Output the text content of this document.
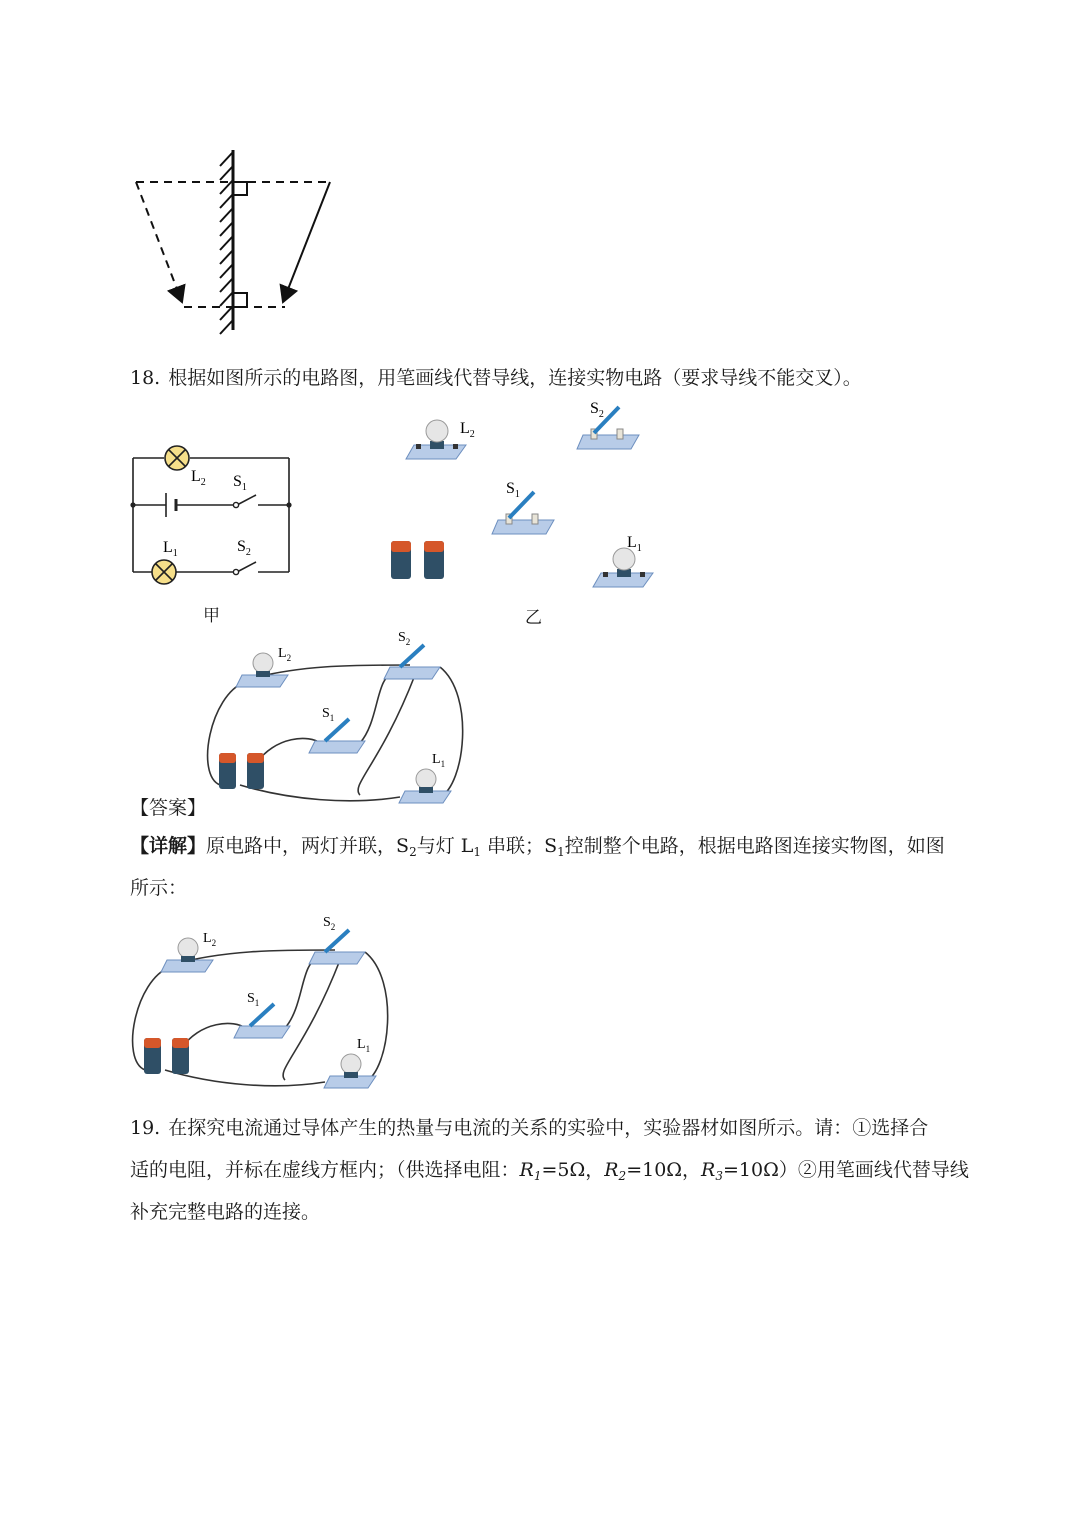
18. 根据如图所示的电路图，用笔画线代替导线，连接实物电路（要求导线不能交叉）。
$L_2$ $S_1$
$L_1$	$S_2$
甲
$L_2$
$S_2$
$S_1$
$L_1$
乙
$L_2$
$S_2$
$S_1$
$L_1$
【答案】
【详解】原电路中，两灯并联，$S_2$与灯 $L_1$ 串联；$S_1$控制整个电路，根据电路图连接实物图，如图
所示：
$L_2$
$S_2$
$S_1$
$L_1$
19. 在探究电流通过导体产生的热量与电流的关系的实验中，实验器材如图所示。请：①选择合
适的电阻，并标在虚线方框内；（供选择电阻：$R_1=5\Omega$，$R_2=10\Omega$，$R_3=10\Omega)②$用笔画线代替导线
补充完整电路的连接。
